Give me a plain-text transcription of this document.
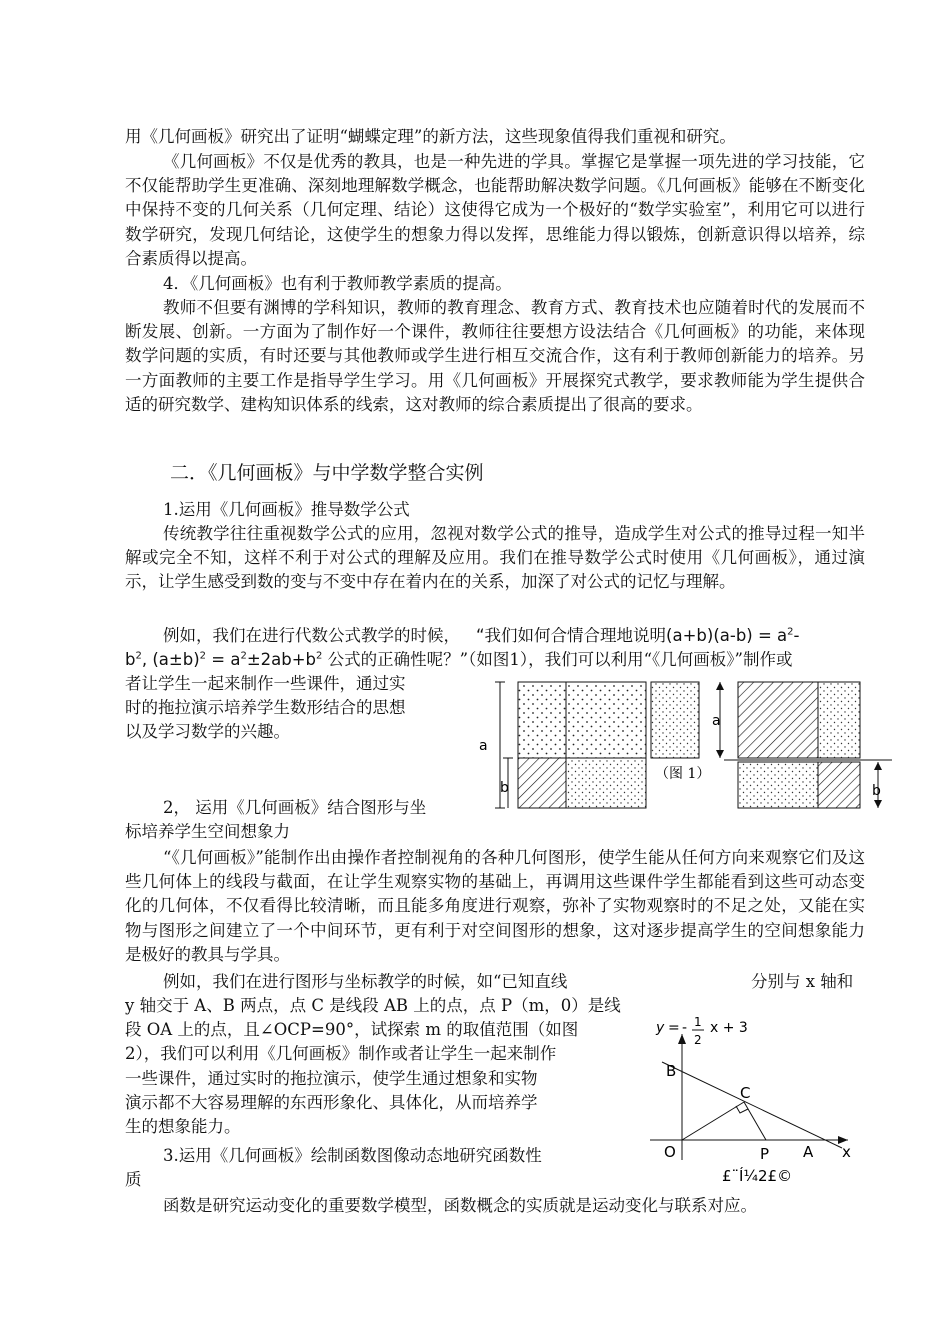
用《几何画板》研究出了证明“蝴蝶定理”的新方法，这些现象值得我们重视和研究。

《几何画板》不仅是优秀的教具，也是一种先进的学具。掌握它是掌握一项先进的学习技能，它不仅能帮助学生更准确、深刻地理解数学概念，也能帮助解决数学问题。《几何画板》能够在不断变化中保持不变的几何关系（几何定理、结论）这使得它成为一个极好的“数学实验室”，利用它可以进行数学研究，发现几何结论，这使学生的想象力得以发挥，思维能力得以锻炼，创新意识得以培养，综合素质得以提高。

4．《几何画板》也有利于教师教学素质的提高。

教师不但要有渊博的学科知识，教师的教育理念、教育方式、教育技术也应随着时代的发展而不断发展、创新。一方面为了制作好一个课件，教师往往要想方设法结合《几何画板》的功能，来体现数学问题的实质，有时还要与其他教师或学生进行相互交流合作，这有利于教师创新能力的培养。另一方面教师的主要工作是指导学生学习。用《几何画板》开展探究式教学，要求教师能为学生提供合适的研究数学、建构知识体系的线索，这对教师的综合素质提出了很高的要求。

二．《几何画板》与中学数学整合实例
1.运用《几何画板》推导数学公式

传统教学往往重视数学公式的应用，忽视对数学公式的推导，造成学生对公式的推导过程一知半解或完全不知，这样不利于对公式的理解及应用。我们在推导数学公式时使用《几何画板》，通过演示，让学生感受到数的变与不变中存在着内在的关系，加深了对公式的记忆与理解。

例如，我们在进行代数公式教学的时候， “我们如何合情合理地说明$(a+b)(a-b) = a^2-$
$b^2$, $(a\pm b)^2 = a^2\pm 2ab+b^2$ 公式的正确性呢？”（如图1），我们可以利用“《几何画板》”制作或
者让学生一起来制作一些课件，通过实
时的拖拉演示培养学生数形结合的思想
以及学习数学的兴趣。
a
b
（图 1）
a
b
2， 运用《几何画板》结合图形与坐
标培养学生空间想象力

“《几何画板》”能制作出由操作者控制视角的各种几何图形，使学生能从任何方向来观察它们及这些几何体上的线段与截面，在让学生观察实物的基础上，再调用这些课件学生都能看到这些可动态变化的几何体，不仅看得比较清晰，而且能多角度进行观察，弥补了实物观察时的不足之处，又能在实物与图形之间建立了一个中间环节，更有利于对空间图形的想象，这对逐步提高学生的空间想象能力是极好的教具与学具。

例如，我们在进行图形与坐标教学的时候，如“已知直线	分别与 x 轴和
y 轴交于 A、B 两点，点 C 是线段 AB 上的点，点 P（m，0）是线
段 OA 上的点，且∠OCP=90°，试探索 m 的取值范围（如图
2），我们可以利用《几何画板》制作或者让学生一起来制作
一些课件，通过实时的拖拉演示，使学生通过想象和实物
演示都不大容易理解的东西形象化、具体化，从而培养学
生的想象能力。
3.运用《几何画板》绘制函数图像动态地研究函数性
质
y = - 1
2
x + 3
B
C
O	P A x
£¨Í¼2£©

函数是研究运动变化的重要数学模型，函数概念的实质就是运动变化与联系对应。
